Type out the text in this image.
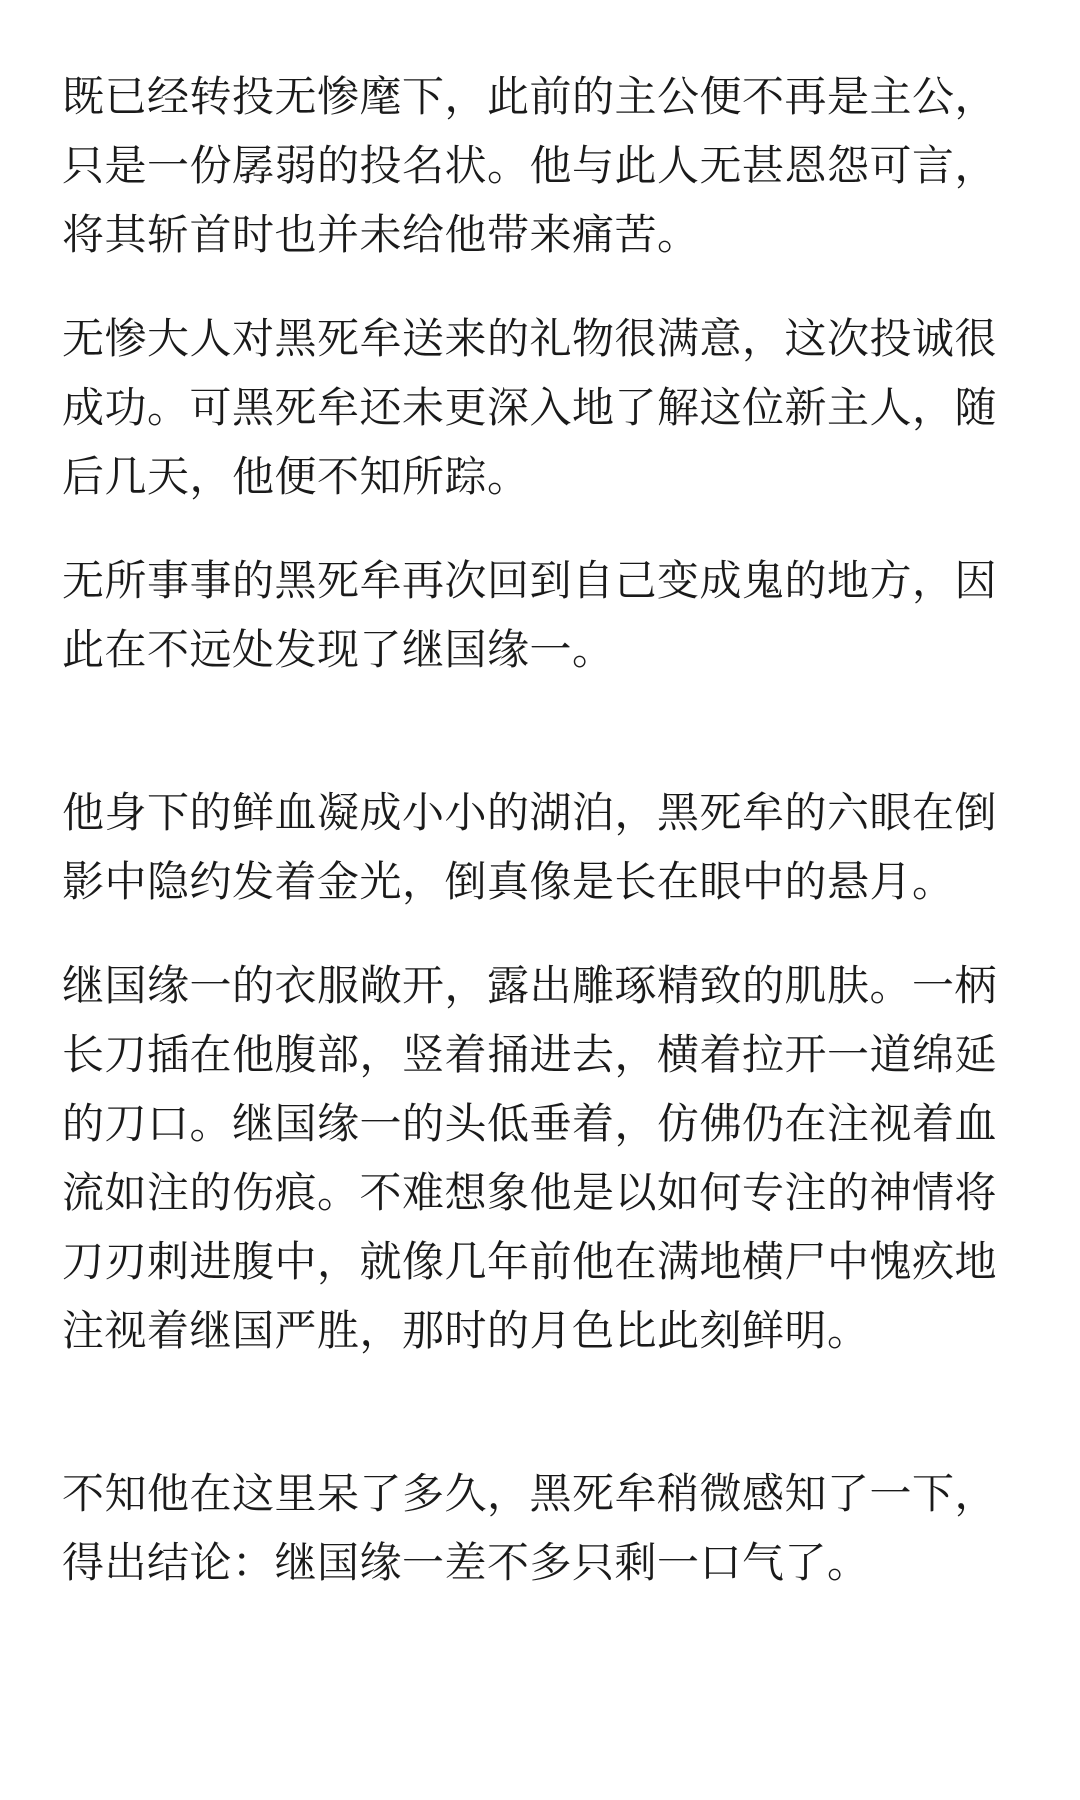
既已经转投无惨麾下，此前的主公便不再是主公，
只是一份孱弱的投名状。他与此人无甚恩怨可言，
将其斩首时也并未给他带来痛苦。

无惨大人对黑死牟送来的礼物很满意，这次投诚很
成功。可黑死牟还未更深入地了解这位新主人，随
后几天，他便不知所踪。

无所事事的黑死牟再次回到自己变成鬼的地方，因
此在不远处发现了继国缘一。

他身下的鲜血凝成小小的湖泊，黑死牟的六眼在倒
影中隐约发着金光，倒真像是长在眼中的悬月。

继国缘一的衣服敞开，露出雕琢精致的肌肤。一柄
长刀插在他腹部，竖着捅进去，横着拉开一道绵延
的刀口。继国缘一的头低垂着，仿佛仍在注视着血
流如注的伤痕。不难想象他是以如何专注的神情将
刀刃刺进腹中，就像几年前他在满地横尸中愧疚地
注视着继国严胜，那时的月色比此刻鲜明。

不知他在这里呆了多久，黑死牟稍微感知了一下，
得出结论：继国缘一差不多只剩一口气了。
